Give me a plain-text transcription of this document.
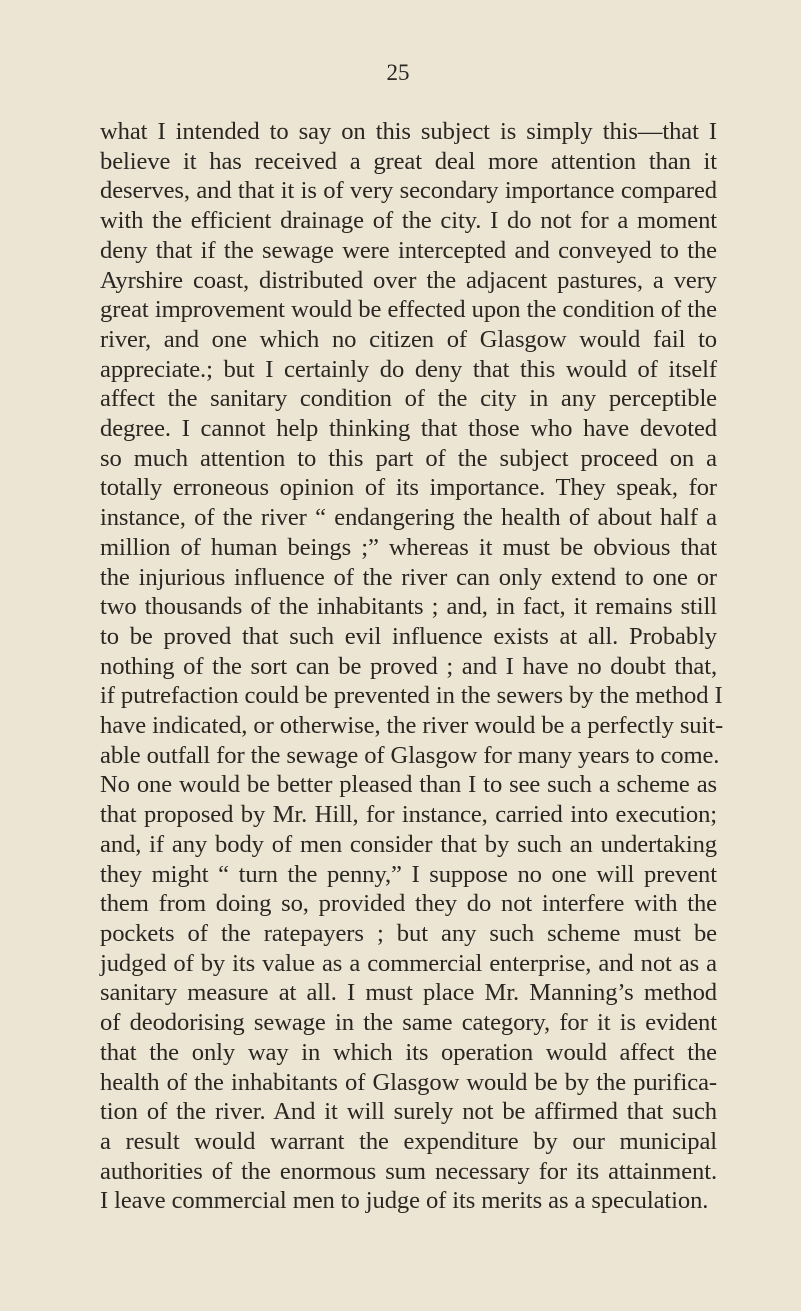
25
what I intended to say on this subject is simply this—that I
believe it has received a great deal more attention than it
deserves, and that it is of very secondary importance compared
with the efficient drainage of the city. I do not for a moment
deny that if the sewage were intercepted and conveyed to the
Ayrshire coast, distributed over the adjacent pastures, a very
great improvement would be effected upon the condition of the
river, and one which no citizen of Glasgow would fail to
appreciate.; but I certainly do deny that this would of itself
affect the sanitary condition of the city in any perceptible
degree. I cannot help thinking that those who have devoted
so much attention to this part of the subject proceed on a
totally erroneous opinion of its importance. They speak, for
instance, of the river “ endangering the health of about half a
million of human beings ;” whereas it must be obvious that
the injurious influence of the river can only extend to one or
two thousands of the inhabitants ; and, in fact, it remains still
to be proved that such evil influence exists at all. Probably
nothing of the sort can be proved ; and I have no doubt that,
if putrefaction could be prevented in the sewers by the method I
have indicated, or otherwise, the river would be a perfectly suit-
able outfall for the sewage of Glasgow for many years to come.
No one would be better pleased than I to see such a scheme as
that proposed by Mr. Hill, for instance, carried into execution;
and, if any body of men consider that by such an undertaking
they might “ turn the penny,” I suppose no one will prevent
them from doing so, provided they do not interfere with the
pockets of the ratepayers ; but any such scheme must be
judged of by its value as a commercial enterprise, and not as a
sanitary measure at all. I must place Mr. Manning’s method
of deodorising sewage in the same category, for it is evident
that the only way in which its operation would affect the
health of the inhabitants of Glasgow would be by the purifica-
tion of the river. And it will surely not be affirmed that such
a result would warrant the expenditure by our municipal
authorities of the enormous sum necessary for its attainment.
I leave commercial men to judge of its merits as a speculation.
